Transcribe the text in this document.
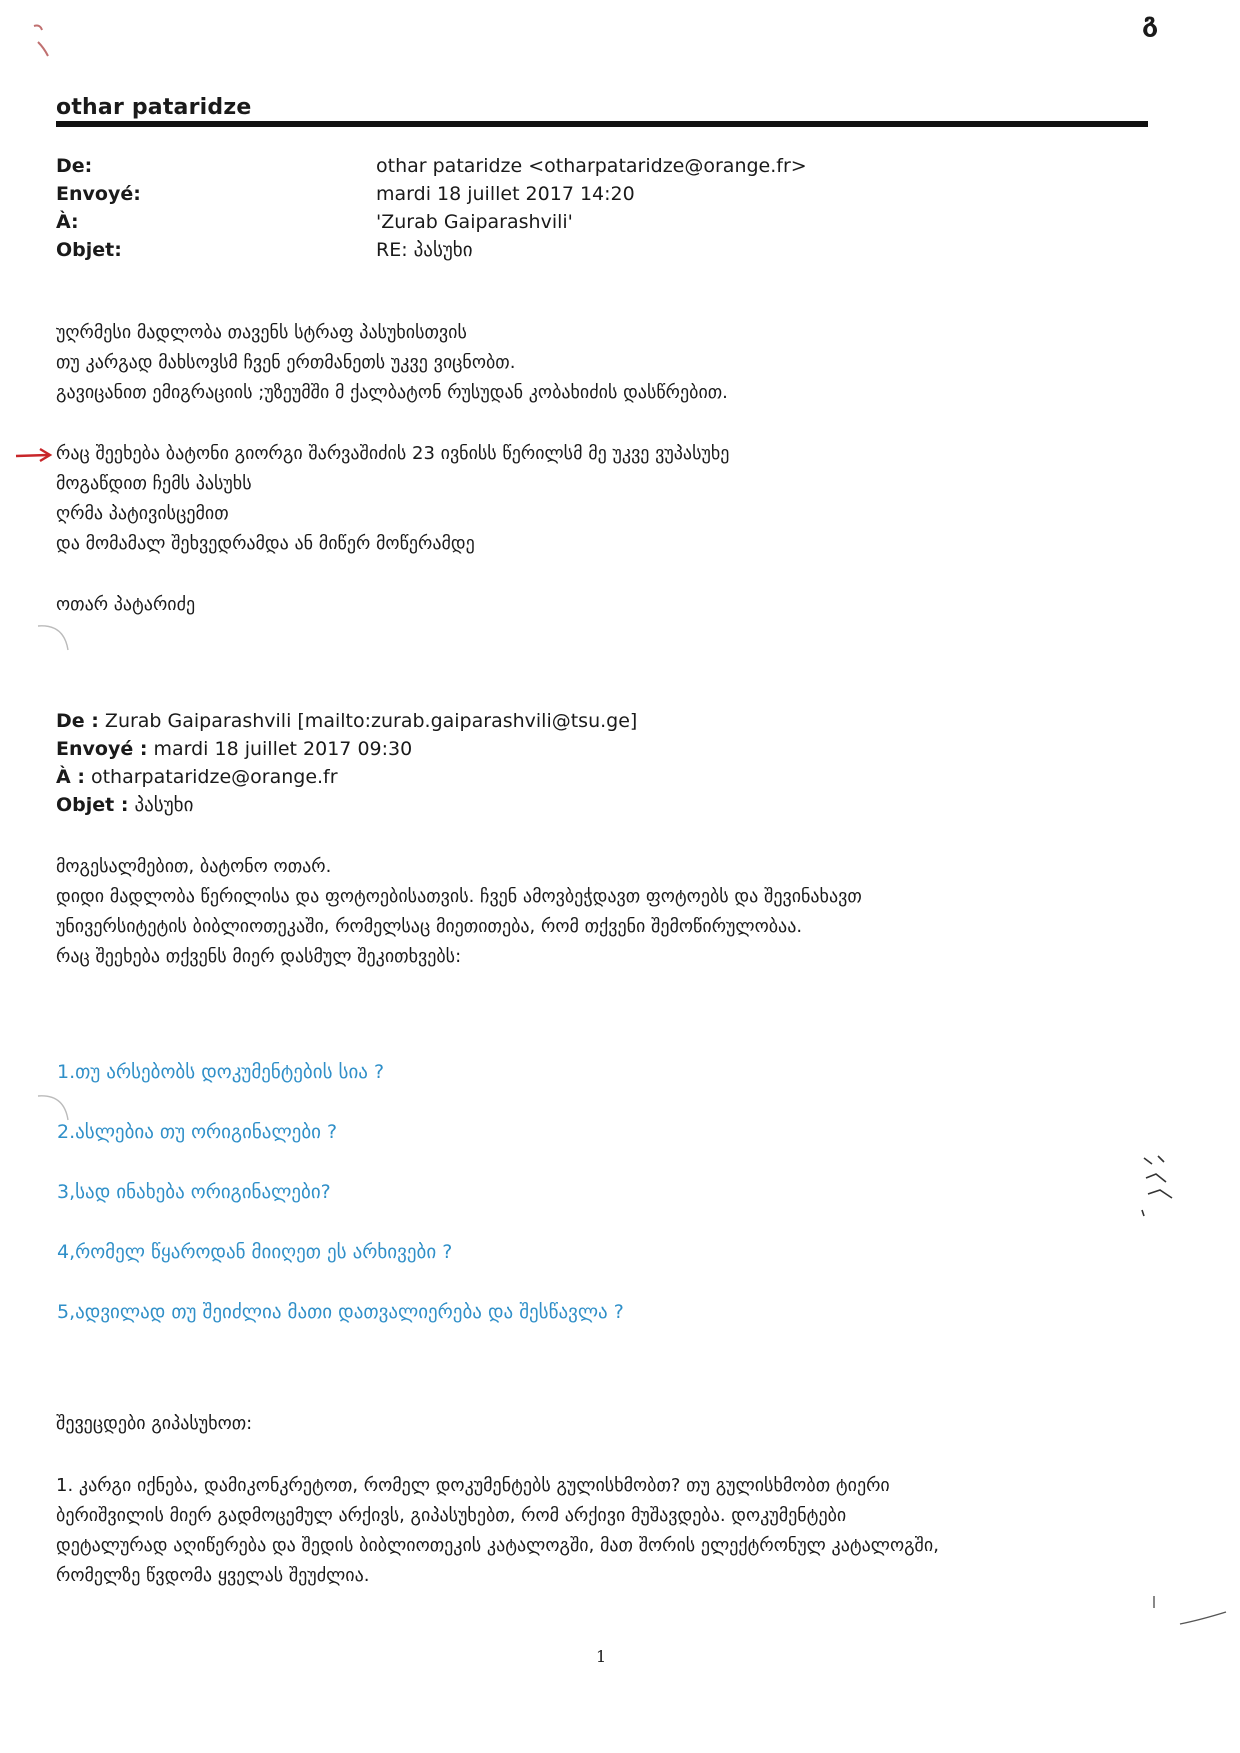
გ
othar pataridze
De:	othar pataridze <otharpataridze@orange.fr>
Envoyé:	mardi 18 juillet 2017 14:20
À:	'Zurab Gaiparashvili'
Objet:	RE: პასუხი
უღრმესი მადლობა თავენს სტრაფ პასუხისთვის
თუ კარგად მახსოვსმ ჩვენ ერთმანეთს უკვე ვიცნობთ.
გავიცანით ემიგრაციის ;უზეუმში მ ქალბატონ რუსუდან კობახიძის დასწრებით.
რაც შეეხება ბატონი გიორგი შარვაშიძის 23 ივნისს წერილსმ მე უკვე ვუპასუხე
მოგაწდით ჩემს პასუხს
ღრმა პატივისცემით
და მომამალ შეხვედრამდა ან მიწერ მოწერამდე
ოთარ პატარიძე
De : Zurab Gaiparashvili [mailto:zurab.gaiparashvili@tsu.ge]
Envoyé : mardi 18 juillet 2017 09:30
À : otharpataridze@orange.fr
Objet : პასუხი
მოგესალმებით, ბატონო ოთარ.
დიდი მადლობა წერილისა და ფოტოებისათვის. ჩვენ ამოვბეჭდავთ ფოტოებს და შევინახავთ
უნივერსიტეტის ბიბლიოთეკაში, რომელსაც მიეთითება, რომ თქვენი შემოწირულობაა.
რაც შეეხება თქვენს მიერ დასმულ შეკითხვებს:
1.თუ არსებობს დოკუმენტების სია ?
2.ასლებია თუ ორიგინალები ?
3,სად ინახება ორიგინალები?
4,რომელ წყაროდან მიიღეთ ეს არხივები ?
5,ადვილად თუ შეიძლია მათი დათვალიერება და შესწავლა ?
შევეცდები გიპასუხოთ:
1. კარგი იქნება, დამიკონკრეტოთ, რომელ დოკუმენტებს გულისხმობთ? თუ გულისხმობთ ტიერი
ბერიშვილის მიერ გადმოცემულ არქივს, გიპასუხებთ, რომ არქივი მუშავდება. დოკუმენტები
დეტალურად აღიწერება და შედის ბიბლიოთეკის კატალოგში, მათ შორის ელექტრონულ კატალოგში,
რომელზე წვდომა ყველას შეუძლია.
1
